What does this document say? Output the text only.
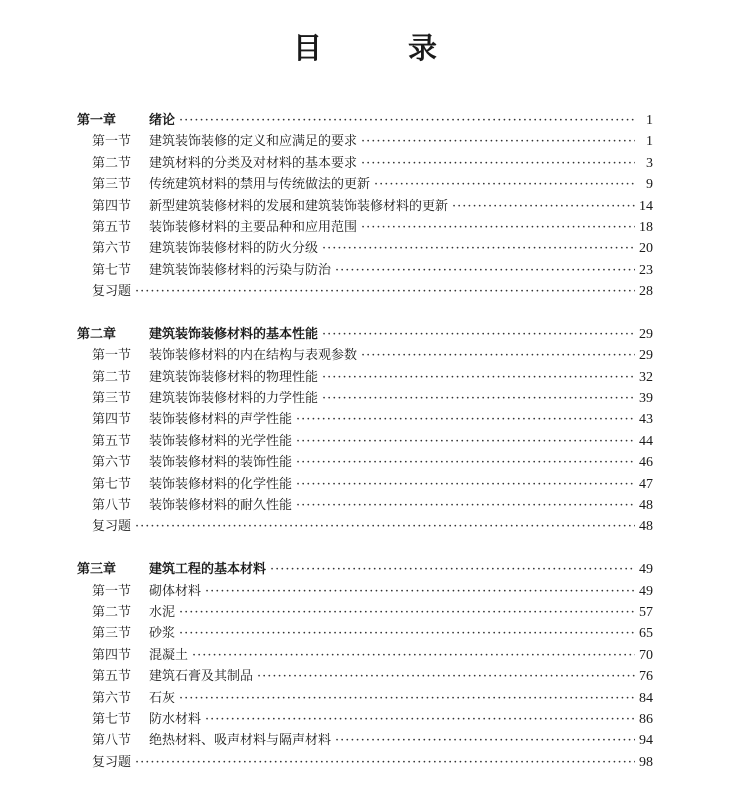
目 录
第一章	绪论 ·····	1
第一节	建筑装饰装修的定义和应满足的要求 ·····	1
第二节	建筑材料的分类及对材料的基本要求 ·····	3
第三节	传统建筑材料的禁用与传统做法的更新 ·····	9
第四节	新型建筑装修材料的发展和建筑装饰装修材料的更新 ·····	14
第五节	装饰装修材料的主要品种和应用范围 ·····	18
第六节	建筑装饰装修材料的防火分级 ·····	20
第七节	建筑装饰装修材料的污染与防治 ·····	23
复习题 ·····	28
第二章	建筑装饰装修材料的基本性能 ·····	29
第一节	装饰装修材料的内在结构与表观参数 ·····	29
第二节	建筑装饰装修材料的物理性能 ·····	32
第三节	建筑装饰装修材料的力学性能 ·····	39
第四节	装饰装修材料的声学性能 ·····	43
第五节	装饰装修材料的光学性能 ·····	44
第六节	装饰装修材料的装饰性能 ·····	46
第七节	装饰装修材料的化学性能 ·····	47
第八节	装饰装修材料的耐久性能 ·····	48
复习题 ·····	48
第三章	建筑工程的基本材料 ·····	49
第一节	砌体材料 ·····	49
第二节	水泥 ·····	57
第三节	砂浆 ·····	65
第四节	混凝土 ·····	70
第五节	建筑石膏及其制品 ·····	76
第六节	石灰 ·····	84
第七节	防水材料 ·····	86
第八节	绝热材料、吸声材料与隔声材料 ·····	94
复习题 ·····	98
